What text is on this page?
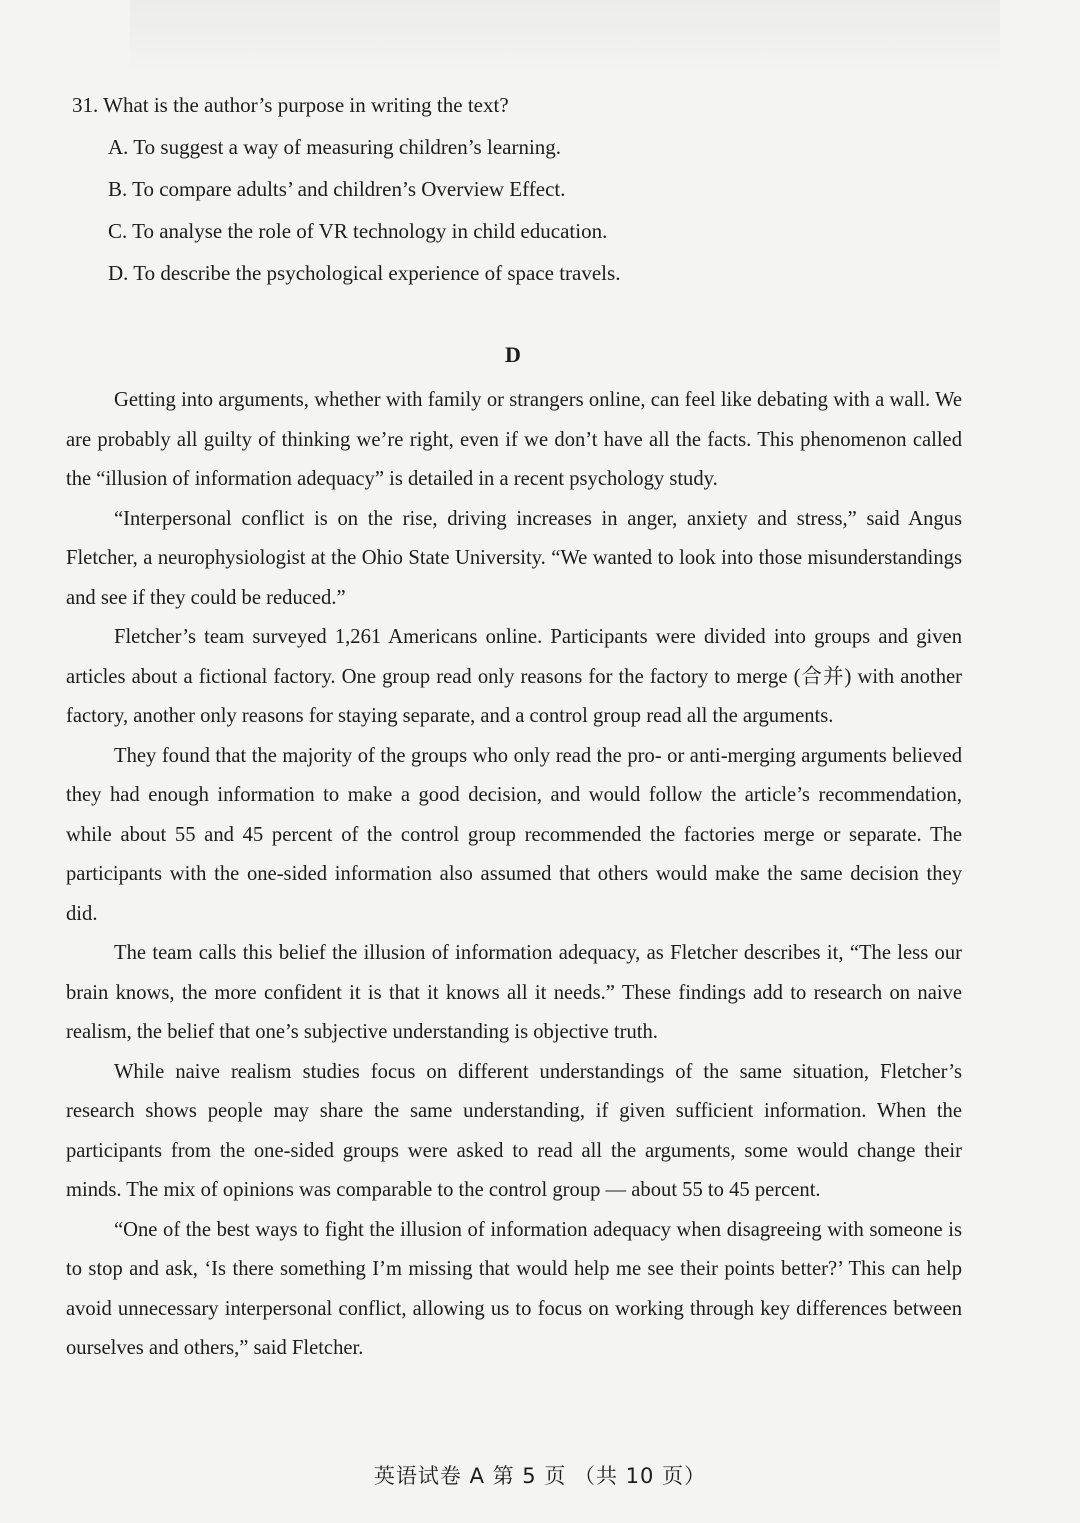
31. What is the author’s purpose in writing the text?

A. To suggest a way of measuring children’s learning.

B. To compare adults’ and children’s Overview Effect.

C. To analyse the role of VR technology in child education.

D. To describe the psychological experience of space travels.

D

Getting into arguments, whether with family or strangers online, can feel like debating with a wall. We are probably all guilty of thinking we’re right, even if we don’t have all the facts. This phenomenon called the “illusion of information adequacy” is detailed in a recent psychology study.

“Interpersonal conflict is on the rise, driving increases in anger, anxiety and stress,” said Angus Fletcher, a neurophysiologist at the Ohio State University. “We wanted to look into those misunderstandings and see if they could be reduced.”

Fletcher’s team surveyed 1,261 Americans online. Participants were divided into groups and given articles about a fictional factory. One group read only reasons for the factory to merge (合并) with another factory, another only reasons for staying separate, and a control group read all the arguments.

They found that the majority of the groups who only read the pro- or anti-merging arguments believed they had enough information to make a good decision, and would follow the article’s recommendation, while about 55 and 45 percent of the control group recommended the factories merge or separate. The participants with the one-sided information also assumed that others would make the same decision they did.

The team calls this belief the illusion of information adequacy, as Fletcher describes it, “The less our brain knows, the more confident it is that it knows all it needs.” These findings add to research on naive realism, the belief that one’s subjective understanding is objective truth.

While naive realism studies focus on different understandings of the same situation, Fletcher’s research shows people may share the same understanding, if given sufficient information. When the participants from the one-sided groups were asked to read all the arguments, some would change their minds. The mix of opinions was comparable to the control group — about 55 to 45 percent.

“One of the best ways to fight the illusion of information adequacy when disagreeing with someone is to stop and ask, ‘Is there something I’m missing that would help me see their points better?’ This can help avoid unnecessary interpersonal conflict, allowing us to focus on working through key differences between ourselves and others,” said Fletcher.

英语试卷 A 第 5 页 （共 10 页）
